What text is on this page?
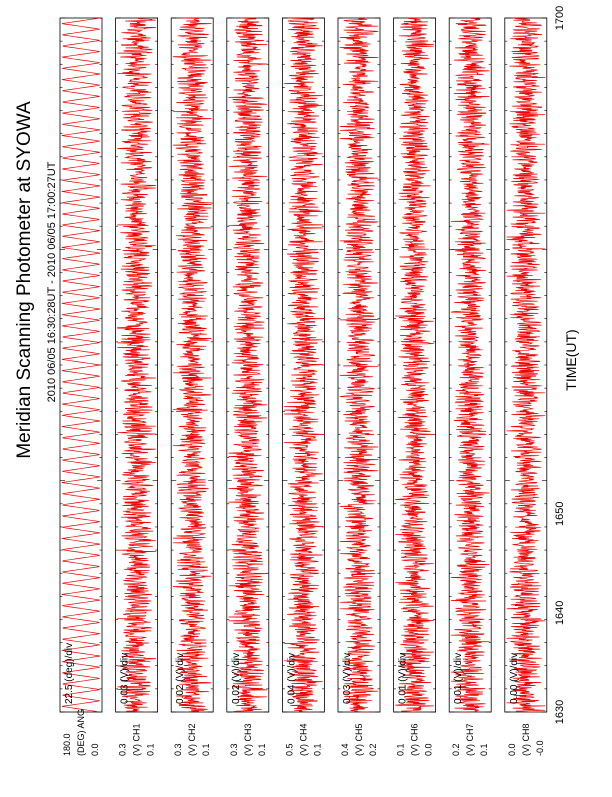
Meridian Scanning Photometer at SYOWA 2010 06/05 16:30:28UT - 2010 06/05 17:00:27UT	TIME(UT)
22.5 (deg)/div
180.0 0.0
(DEG) ANG
0.03 (V)/div
0.3 0.1
(V) CH1
0.02 (V)/div
0.3 0.1
(V) CH2
0.02 (V)/div
0.3 0.1
(V) CH3
0.04 (V)/div
0.5 0.1
(V) CH4
0.03 (V)/div
0.4 0.2
(V) CH5
0.01 (V)/div
0.1 0.0
(V) CH6
0.01 (V)/div
0.2 0.1
(V) CH7
0.00 (V)/div
0.0 -0.0
(V) CH8
1630
1640
1650
1700
